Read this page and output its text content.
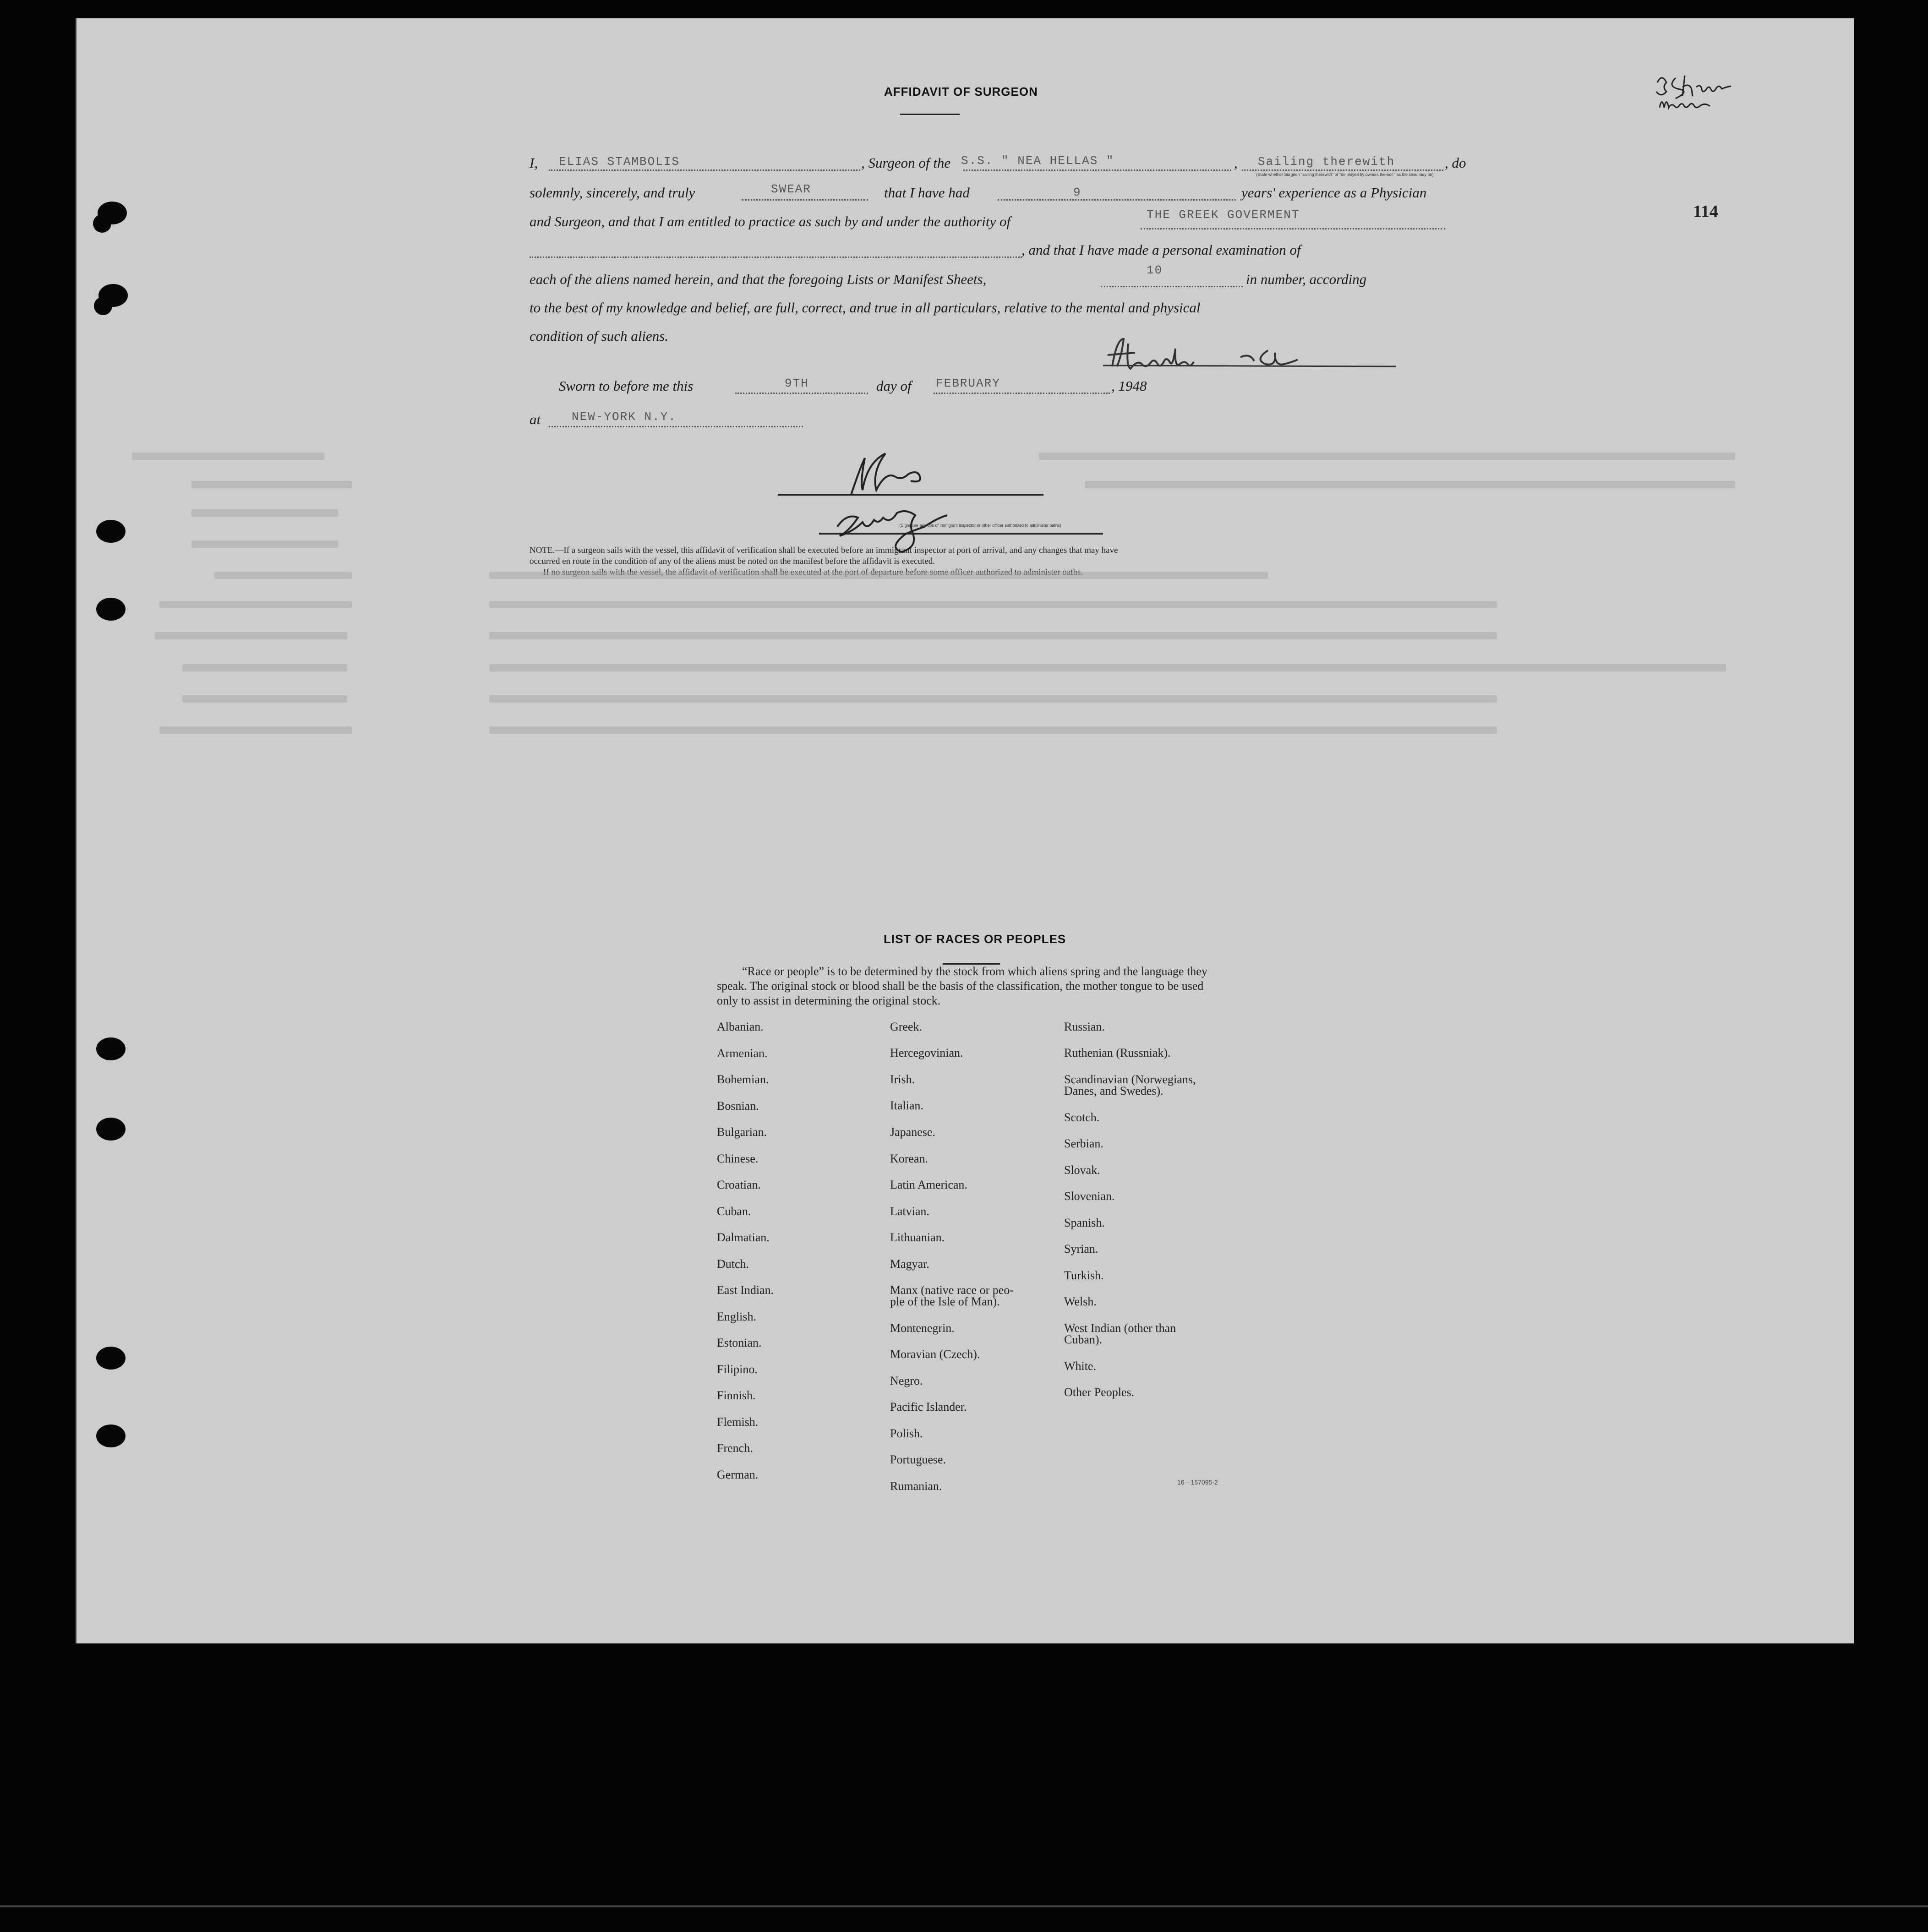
AFFIDAVIT OF SURGEON
114
I, ELIAS STAMBOLIS	, Surgeon of the S.S. " NEA HELLAS "	, Sailing therewith	, do
(State whether Surgeon "sailing therewith" or "employed by owners thereof," as the case may be)
solemnly, sincerely, and truly	SWEAR	that I have had	9	years' experience as a Physician
and Surgeon, and that I am entitled to practice as such by and under the authority of	THE GREEK GOVERMENT
, and that I have made a personal examination of
each of the aliens named herein, and that the foregoing Lists or Manifest Sheets,
10
in number, according
to the best of my knowledge and belief, are full, correct, and true in all particulars, relative to the mental and physical
condition of such aliens.
Sworn to before me this	9TH	day of FEBRUARY	, 1948
at	NEW-YORK N.Y.
(Signature and title of immigrant inspector or other officer authorized to administer oaths)
NOTE.—If a surgeon sails with the vessel, this affidavit of verification shall be executed before an immigrant inspector at port of arrival, and any changes that may have
occurred en route in the condition of any of the aliens must be noted on the manifest before the affidavit is executed.
LIST OF RACES OR PEOPLES
“Race or people” is to be determined by the stock from which aliens spring and the language they speak. The original stock or blood shall be the basis of the classification, the mother tongue to be used only to assist in determining the original stock.
Albanian.
Armenian.
Bohemian.
Bosnian.
Bulgarian.
Chinese.
Croatian.
Cuban.
Dalmatian.
Dutch.
East Indian.
English.
Estonian.
Filipino.
Finnish.
Flemish.
French.
German.
Greek.
Hercegovinian.
Irish.
Italian.
Japanese.
Korean.
Latin American.
Latvian.
Lithuanian.
Magyar.
Manx (native race or peo-
ple of the Isle of Man).
Montenegrin.
Moravian (Czech).
Negro.
Pacific Islander.
Polish.
Portuguese.
Rumanian.
Russian.
Ruthenian (Russniak).
Scandinavian (Norwegians,
Danes, and Swedes).
Scotch.
Serbian.
Slovak.
Slovenian.
Spanish.
Syrian.
Turkish.
Welsh.
West Indian (other than
Cuban).
White.
Other Peoples.
16—157095-2
